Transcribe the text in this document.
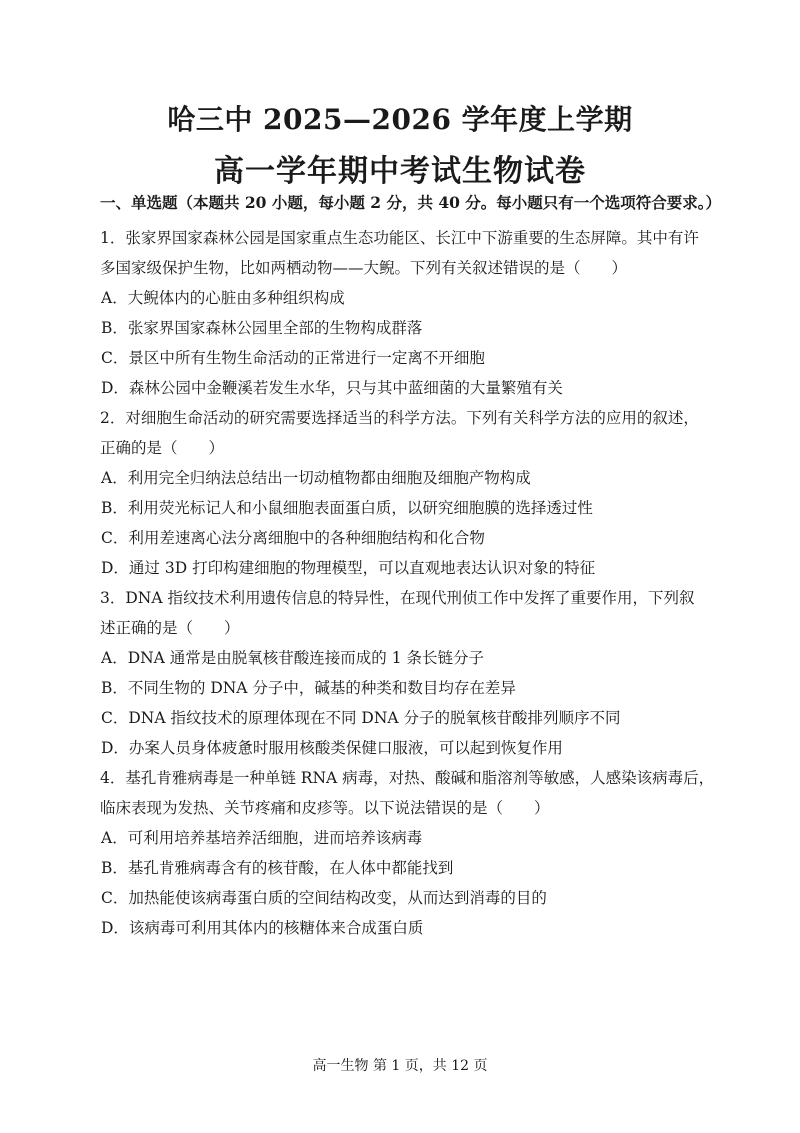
哈三中 2025—2026 学年度上学期
高一学年期中考试生物试卷
一、单选题（本题共 20 小题，每小题 2 分，共 40 分。每小题只有一个选项符合要求。）
1．张家界国家森林公园是国家重点生态功能区、长江中下游重要的生态屏障。其中有许
多国家级保护生物，比如两栖动物——大鲵。下列有关叙述错误的是（　　）
A．大鲵体内的心脏由多种组织构成
B．张家界国家森林公园里全部的生物构成群落
C．景区中所有生物生命活动的正常进行一定离不开细胞
D．森林公园中金鞭溪若发生水华，只与其中蓝细菌的大量繁殖有关
2．对细胞生命活动的研究需要选择适当的科学方法。下列有关科学方法的应用的叙述，
正确的是（　　）
A．利用完全归纳法总结出一切动植物都由细胞及细胞产物构成
B．利用荧光标记人和小鼠细胞表面蛋白质，以研究细胞膜的选择透过性
C．利用差速离心法分离细胞中的各种细胞结构和化合物
D．通过 3D 打印构建细胞的物理模型，可以直观地表达认识对象的特征
3．DNA 指纹技术利用遗传信息的特异性，在现代刑侦工作中发挥了重要作用，下列叙
述正确的是（　　）
A．DNA 通常是由脱氧核苷酸连接而成的 1 条长链分子
B．不同生物的 DNA 分子中，碱基的种类和数目均存在差异
C．DNA 指纹技术的原理体现在不同 DNA 分子的脱氧核苷酸排列顺序不同
D．办案人员身体疲惫时服用核酸类保健口服液，可以起到恢复作用
4．基孔肯雅病毒是一种单链 RNA 病毒，对热、酸碱和脂溶剂等敏感，人感染该病毒后，
临床表现为发热、关节疼痛和皮疹等。以下说法错误的是（　　）
A．可利用培养基培养活细胞，进而培养该病毒
B．基孔肯雅病毒含有的核苷酸，在人体中都能找到
C．加热能使该病毒蛋白质的空间结构改变，从而达到消毒的目的
D．该病毒可利用其体内的核糖体来合成蛋白质
高一生物 第 1 页，共 12 页
